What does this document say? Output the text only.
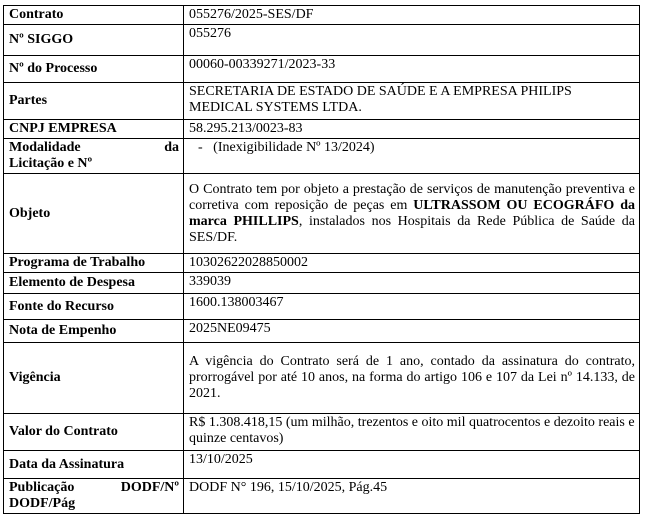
Contrato	055276/2025-SES/DF
Nº SIGGO	055276
Nº do Processo	00060-00339271/2023-33
Partes	SECRETARIA DE ESTADO DE SAÚDE E A EMPRESA PHILIPS MEDICAL SYSTEMS LTDA.
CNPJ EMPRESA	58.295.213/0023-83

Modalidade da
Licitação e Nº	-   (Inexigibilidade Nº 13/2024)
Objeto	O Contrato tem por objeto a prestação de serviços de manutenção preventiva e corretiva com reposição de peças em ULTRASSOM OU ECOGRÁFO da marca PHILLIPS, instalados nos Hospitais da Rede Pública de Saúde da SES/DF.
Programa de Trabalho	10302622028850002
Elemento de Despesa	339039
Fonte do Recurso	1600.138003467
Nota de Empenho	2025NE09475
Vigência	A vigência do Contrato será de 1 ano, contado da assinatura do contrato, prorrogável por até 10 anos, na forma do artigo 106 e 107 da Lei nº 14.133, de 2021.
Valor do Contrato	R$ 1.308.418,15 (um milhão, trezentos e oito mil quatrocentos e dezoito reais e quinze centavos)
Data da Assinatura	13/10/2025

Publicação DODF/Nº
DODF/Pág	DODF N° 196, 15/10/2025, Pág.45
